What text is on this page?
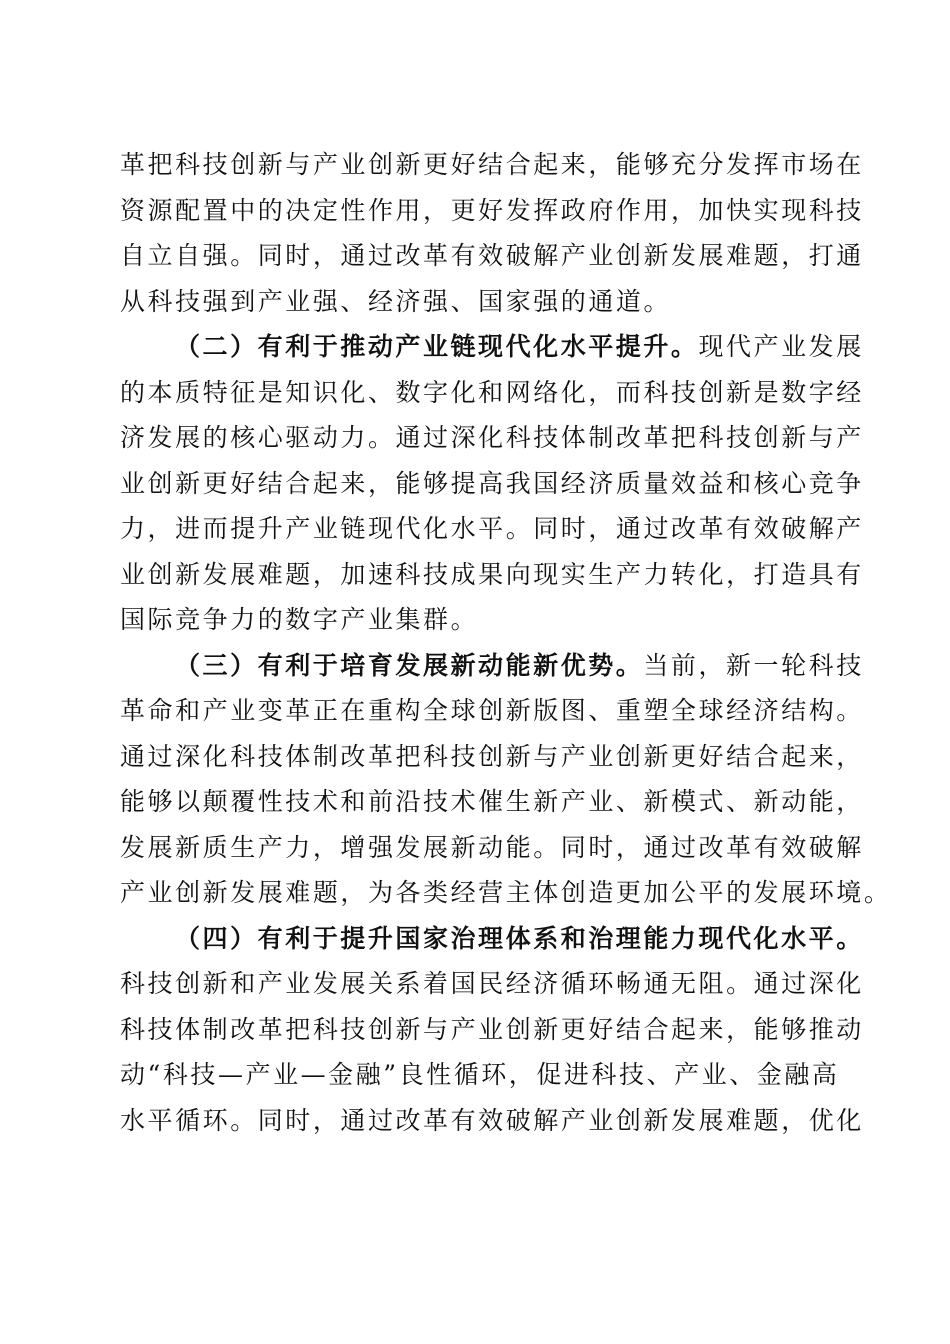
革把科技创新与产业创新更好结合起来，能够充分发挥市场在
资源配置中的决定性作用，更好发挥政府作用，加快实现科技
自立自强。同时，通过改革有效破解产业创新发展难题，打通
从科技强到产业强、经济强、国家强的通道。
（二）有利于推动产业链现代化水平提升。现代产业发展
的本质特征是知识化、数字化和网络化，而科技创新是数字经
济发展的核心驱动力。通过深化科技体制改革把科技创新与产
业创新更好结合起来，能够提高我国经济质量效益和核心竞争
力，进而提升产业链现代化水平。同时，通过改革有效破解产
业创新发展难题，加速科技成果向现实生产力转化，打造具有
国际竞争力的数字产业集群。
（三）有利于培育发展新动能新优势。当前，新一轮科技
革命和产业变革正在重构全球创新版图、重塑全球经济结构。
通过深化科技体制改革把科技创新与产业创新更好结合起来，
能够以颠覆性技术和前沿技术催生新产业、新模式、新动能，
发展新质生产力，增强发展新动能。同时，通过改革有效破解
产业创新发展难题，为各类经营主体创造更加公平的发展环境。
（四）有利于提升国家治理体系和治理能力现代化水平。
科技创新和产业发展关系着国民经济循环畅通无阻。通过深化
科技体制改革把科技创新与产业创新更好结合起来，能够推动
动“科技—产业—金融”良性循环，促进科技、产业、金融高
水平循环。同时，通过改革有效破解产业创新发展难题，优化
